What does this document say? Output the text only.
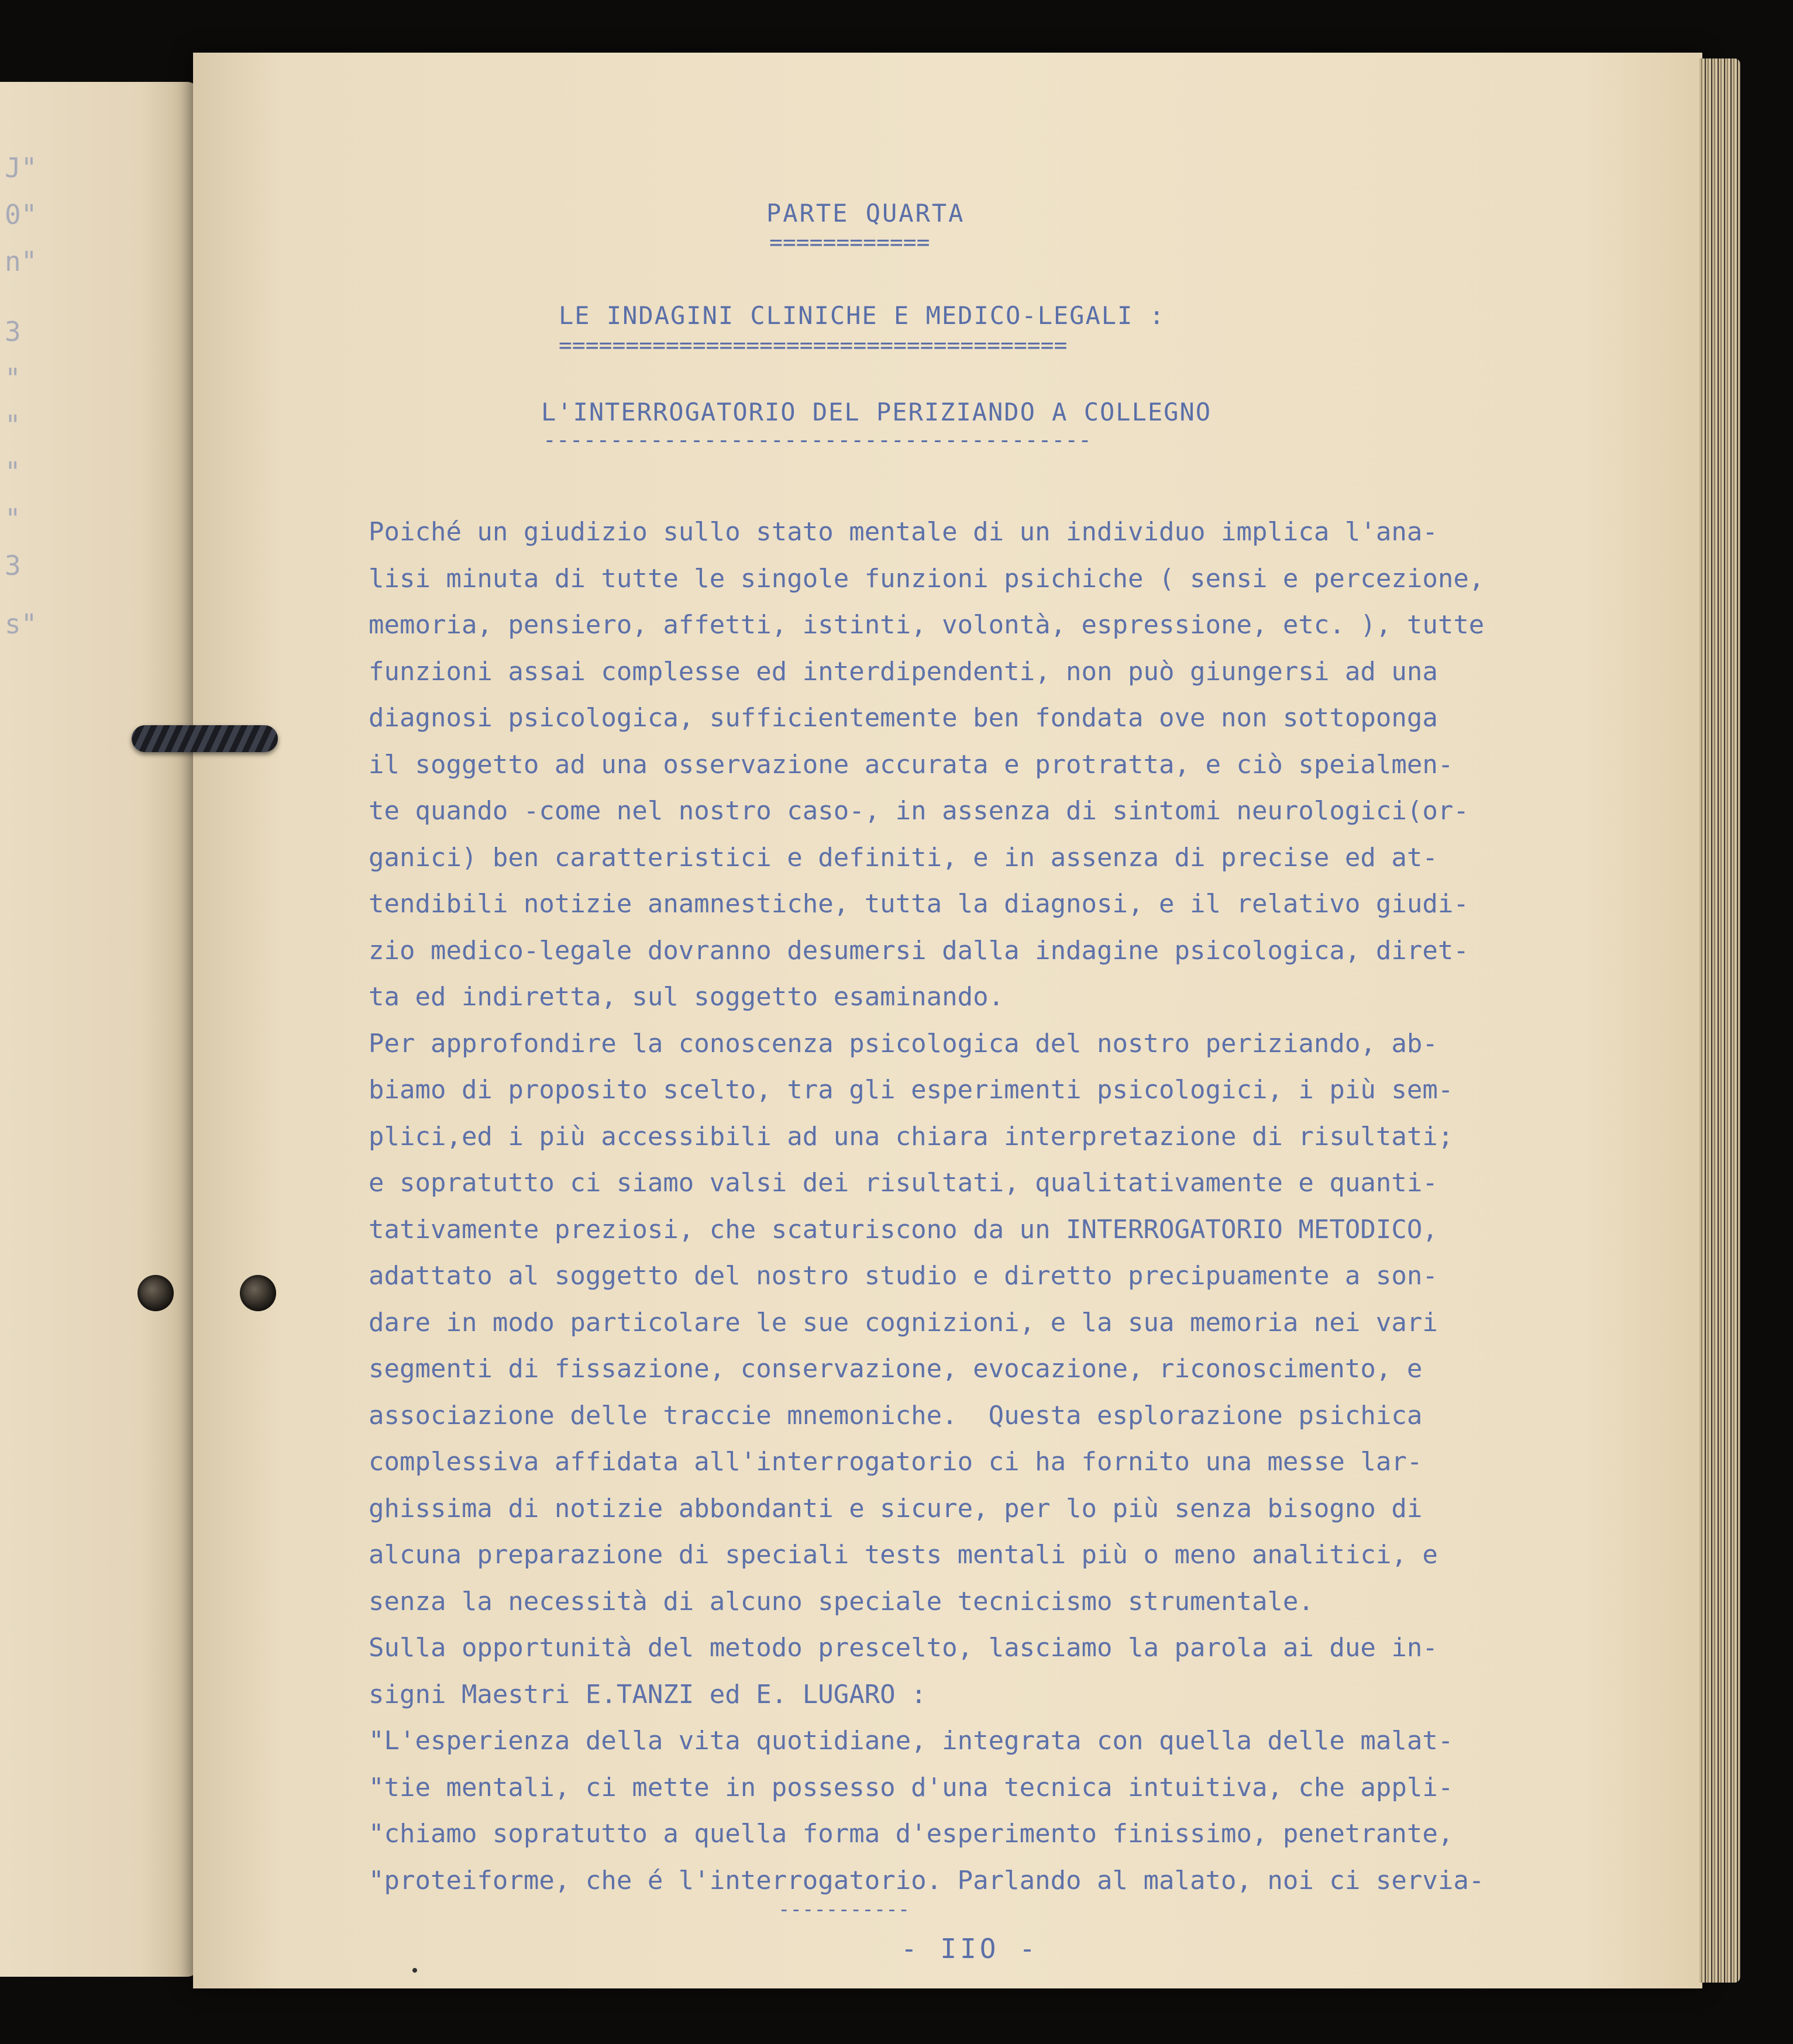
J"
0"
n"
3
"
"
"
"
3
s"
PARTE QUARTA
============
LE INDAGINI CLINICHE E MEDICO-LEGALI :
======================================
L'INTERROGATORIO DEL PERIZIANDO A COLLEGNO
-----------------------------------------
Poiché un giudizio sullo stato mentale di un individuo implica l'ana-
lisi minuta di tutte le singole funzioni psichiche ( sensi e percezione,
memoria, pensiero, affetti, istinti, volontà, espressione, etc. ), tutte
funzioni assai complesse ed interdipendenti, non può giungersi ad una
diagnosi psicologica, sufficientemente ben fondata ove non sottoponga
il soggetto ad una osservazione accurata e protratta, e ciò speialmen-
te quando -come nel nostro caso-, in assenza di sintomi neurologici(or-
ganici) ben caratteristici e definiti, e in assenza di precise ed at-
tendibili notizie anamnestiche, tutta la diagnosi, e il relativo giudi-
zio medico-legale dovranno desumersi dalla indagine psicologica, diret-
ta ed indiretta, sul soggetto esaminando.
Per approfondire la conoscenza psicologica del nostro periziando, ab-
biamo di proposito scelto, tra gli esperimenti psicologici, i più sem-
plici,ed i più accessibili ad una chiara interpretazione di risultati;
e sopratutto ci siamo valsi dei risultati, qualitativamente e quanti-
tativamente preziosi, che scaturiscono da un INTERROGATORIO METODICO,
adattato al soggetto del nostro studio e diretto precipuamente a son-
dare in modo particolare le sue cognizioni, e la sua memoria nei vari
segmenti di fissazione, conservazione, evocazione, riconoscimento, e
associazione delle traccie mnemoniche.  Questa esplorazione psichica
complessiva affidata all'interrogatorio ci ha fornito una messe lar-
ghissima di notizie abbondanti e sicure, per lo più senza bisogno di
alcuna preparazione di speciali tests mentali più o meno analitici, e
senza la necessità di alcuno speciale tecnicismo strumentale.
Sulla opportunità del metodo prescelto, lasciamo la parola ai due in-
signi Maestri E.TANZI ed E. LUGARO :
"L'esperienza della vita quotidiane, integrata con quella delle malat-
"tie mentali, ci mette in possesso d'una tecnica intuitiva, che appli-
"chiamo sopratutto a quella forma d'esperimento finissimo, penetrante,
"proteiforme, che é l'interrogatorio. Parlando al malato, noi ci servia-
-----------
- IIO -
